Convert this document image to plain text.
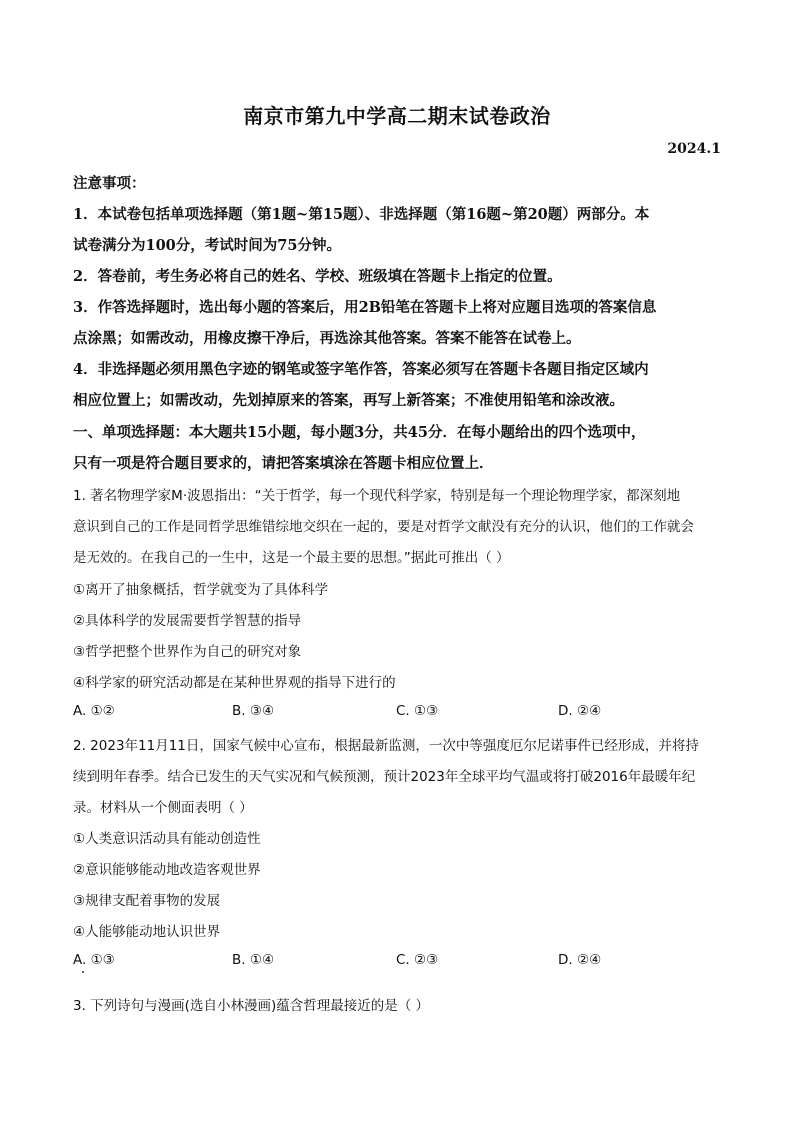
南京市第九中学高二期末试卷政治
2024.1
注意事项：
1．本试卷包括单项选择题（第1题~第15题）、非选择题（第16题~第20题）两部分。本
试卷满分为100分，考试时间为75分钟。
2．答卷前，考生务必将自己的姓名、学校、班级填在答题卡上指定的位置。
3．作答选择题时，选出每小题的答案后，用2B铅笔在答题卡上将对应题目选项的答案信息
点涂黑；如需改动，用橡皮擦干净后，再选涂其他答案。答案不能答在试卷上。
4．非选择题必须用黑色字迹的钢笔或签字笔作答，答案必须写在答题卡各题目指定区域内
相应位置上；如需改动，先划掉原来的答案，再写上新答案；不准使用铅笔和涂改液。
一、单项选择题：本大题共15小题，每小题3分，共45分．在每小题给出的四个选项中，
只有一项是符合题目要求的，请把答案填涂在答题卡相应位置上．
1. 著名物理学家M·波恩指出：“关于哲学，每一个现代科学家，特别是每一个理论物理学家，都深刻地
意识到自己的工作是同哲学思维错综地交织在一起的，要是对哲学文献没有充分的认识，他们的工作就会
是无效的。在我自己的一生中，这是一个最主要的思想。”据此可推出（ ）
①离开了抽象概括，哲学就变为了具体科学
②具体科学的发展需要哲学智慧的指导
③哲学把整个世界作为自己的研究对象
④科学家的研究活动都是在某种世界观的指导下进行的
A. ①②	B. ③④	C. ①③	D. ②④
2. 2023年11月11日，国家气候中心宣布，根据最新监测，一次中等强度厄尔尼诺事件已经形成，并将持
续到明年春季。结合已发生的天气实况和气候预测，预计2023年全球平均气温或将打破2016年最暖年纪
录。材料从一个侧面表明（ ）
①人类意识活动具有能动创造性
②意识能够能动地改造客观世界
③规律支配着事物的发展
④人能够能动地认识世界
A. ①③	B. ①④	C. ②③	D. ②④
3. 下列诗句与漫画(选自小林漫画)蕴含哲理最接近的是（ ）
